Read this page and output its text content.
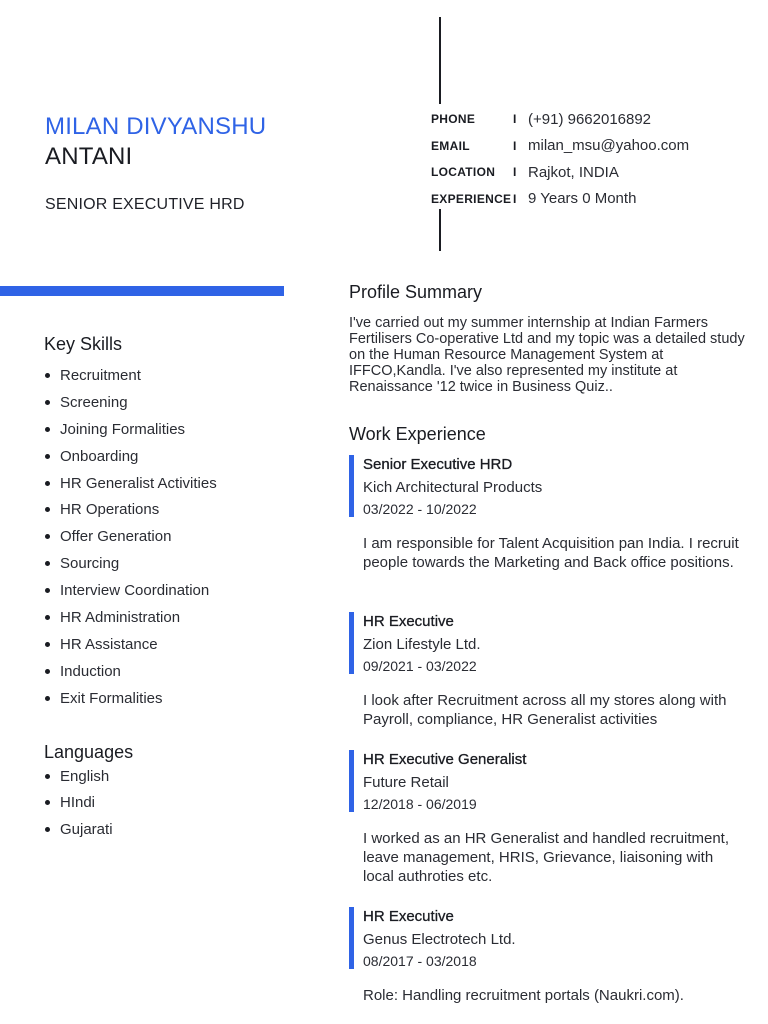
MILAN DIVYANSHU
ANTANI
SENIOR EXECUTIVE HRD
PHONE	I (+91) 9662016892
EMAIL	I milan_msu@yahoo.com
LOCATION	I Rajkot, INDIA
EXPERIENCE I 9 Years 0 Month
Key Skills
Recruitment
Screening
Joining Formalities
Onboarding
HR Generalist Activities
HR Operations
Offer Generation
Sourcing
Interview Coordination
HR Administration
HR Assistance
Induction
Exit Formalities
Languages
English
HIndi
Gujarati
Profile Summary

I've carried out my summer internship at Indian Farmers Fertilisers Co-operative Ltd and my topic was a detailed study on the Human Resource Management System at IFFCO,Kandla. I've also represented my institute at Renaissance '12 twice in Business Quiz..

Work Experience
Senior Executive HRD
Kich Architectural Products
03/2022 - 10/2022
I am responsible for Talent Acquisition pan India. I recruit people towards the Marketing and Back office positions.
HR Executive
Zion Lifestyle Ltd.
09/2021 - 03/2022
I look after Recruitment across all my stores along with Payroll, compliance, HR Generalist activities
HR Executive Generalist
Future Retail
12/2018 - 06/2019
I worked as an HR Generalist and handled recruitment, leave management, HRIS, Grievance, liaisoning with local authroties etc.
HR Executive
Genus Electrotech Ltd.
08/2017 - 03/2018
Role: Handling recruitment portals (Naukri.com).
